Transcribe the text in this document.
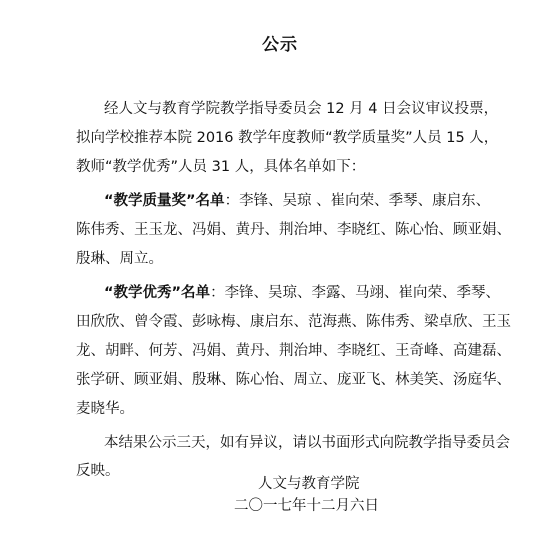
公示
经人文与教育学院教学指导委员会 12 月 4 日会议审议投票，
拟向学校推荐本院 2016 教学年度教师“教学质量奖”人员 15 人，
教师“教学优秀”人员 31 人，具体名单如下：
“教学质量奖”名单：李锋、吴琼 、崔向荣、季琴、康启东、
陈伟秀、王玉龙、冯娟、黄丹、荆治坤、李晓红、陈心怡、顾亚娟、
殷琳、周立。
“教学优秀”名单：李锋、吴琼、李露、马翊、崔向荣、季琴、
田欣欣、曾令霞、彭咏梅、康启东、范海燕、陈伟秀、梁卓欣、王玉
龙、胡畔、何芳、冯娟、黄丹、荆治坤、李晓红、王奇峰、高建磊、
张学研、顾亚娟、殷琳、陈心怡、周立、庞亚飞、林美笑、汤庭华、
麦晓华。
本结果公示三天，如有异议，请以书面形式向院教学指导委员会
反映。
人文与教育学院
二〇一七年十二月六日
